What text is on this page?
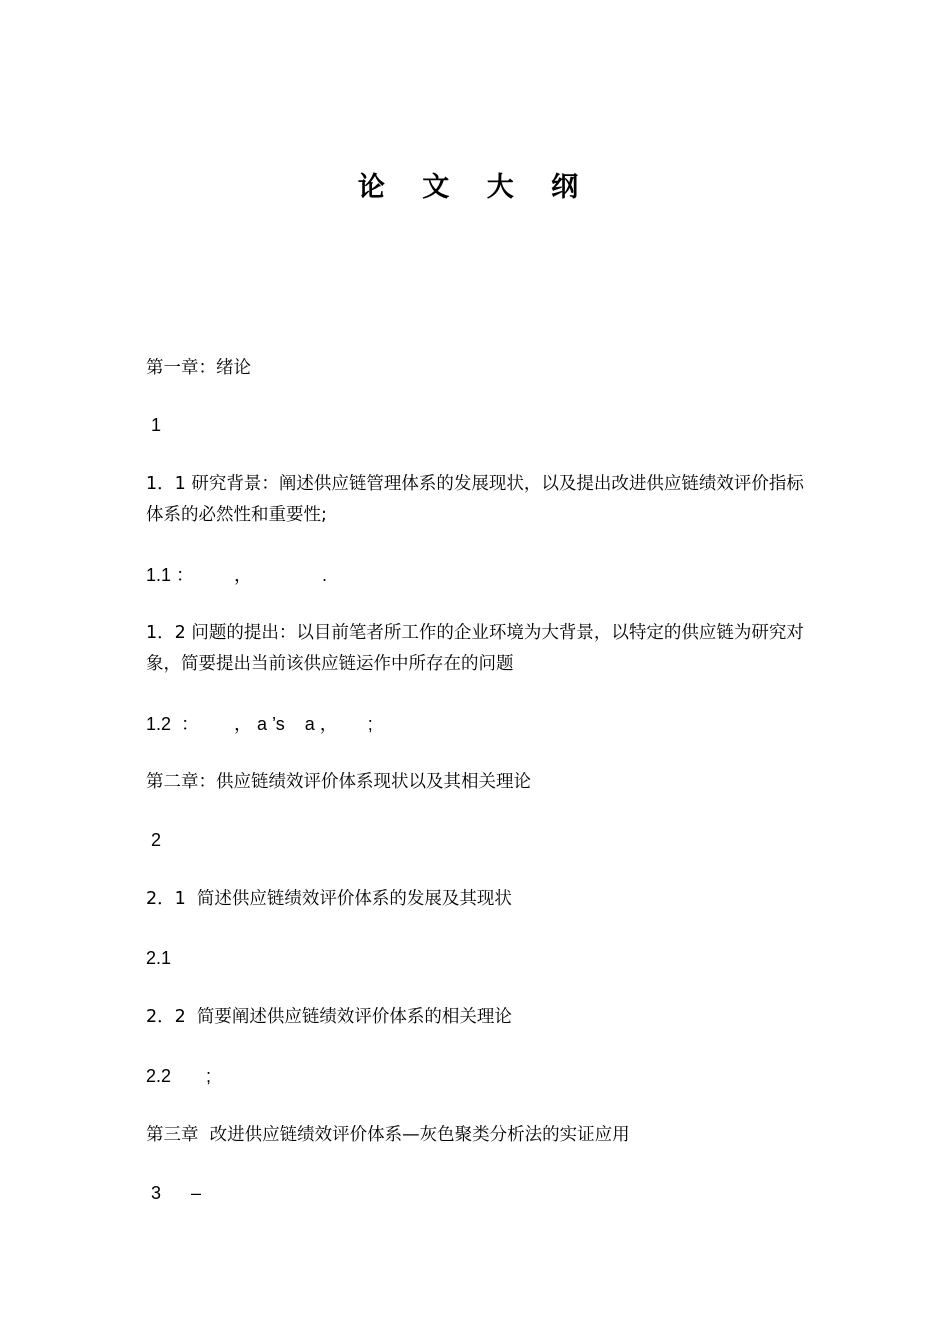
论 文 大 纲
第一章：绪论
1
1．1 研究背景：阐述供应链管理体系的发展现状，以及提出改进供应链绩效评价指标体系的必然性和重要性;
1.1 ：        ，              .
1．2 问题的提出：以目前笔者所工作的企业环境为大背景，以特定的供应链为研究对象，简要提出当前该供应链运作中所存在的问题
1.2  ：       ， a ’s    a ，      ;
第二章：供应链绩效评价体系现状以及其相关理论
2
2．1  简述供应链绩效评价体系的发展及其现状
2.1
2．2  简要阐述供应链绩效评价体系的相关理论
2.2       ;
第三章  改进供应链绩效评价体系—灰色聚类分析法的实证应用
3      –
